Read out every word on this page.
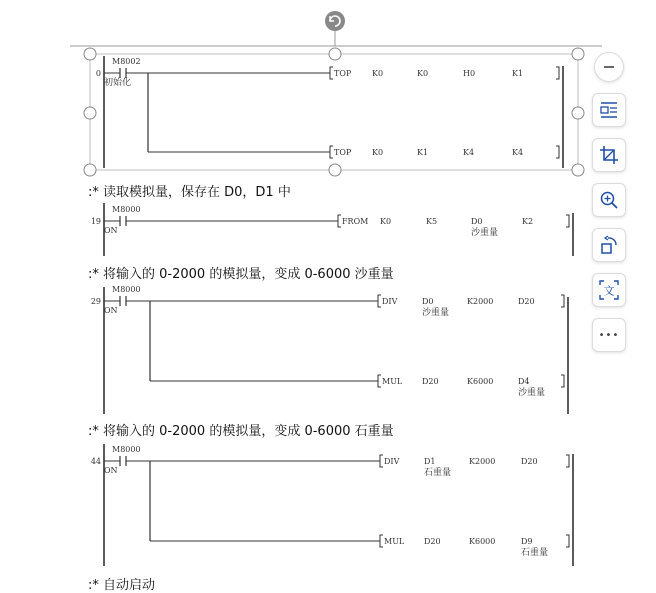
0
M8002
初始化
TOP	K0	K0	H0	K1
TOP	K0	K1	K4	K4
19
M8000
ON
FROM K0	K5	D0
沙重量
K2
29
M8000
ON
DIV	D0
沙重量
K2000	D20
MUL D20	K6000	D4
沙重量
44
M8000
ON
DIV	D1
石重量
K2000	D20
MUL D20	K6000	D9
石重量
:* 读取模拟量，保存在 D0，D1 中
:* 将输入的 0-2000 的模拟量，变成 0-6000 沙重量
:* 将输入的 0-2000 的模拟量，变成 0-6000 石重量
:* 自动启动
文
•••
